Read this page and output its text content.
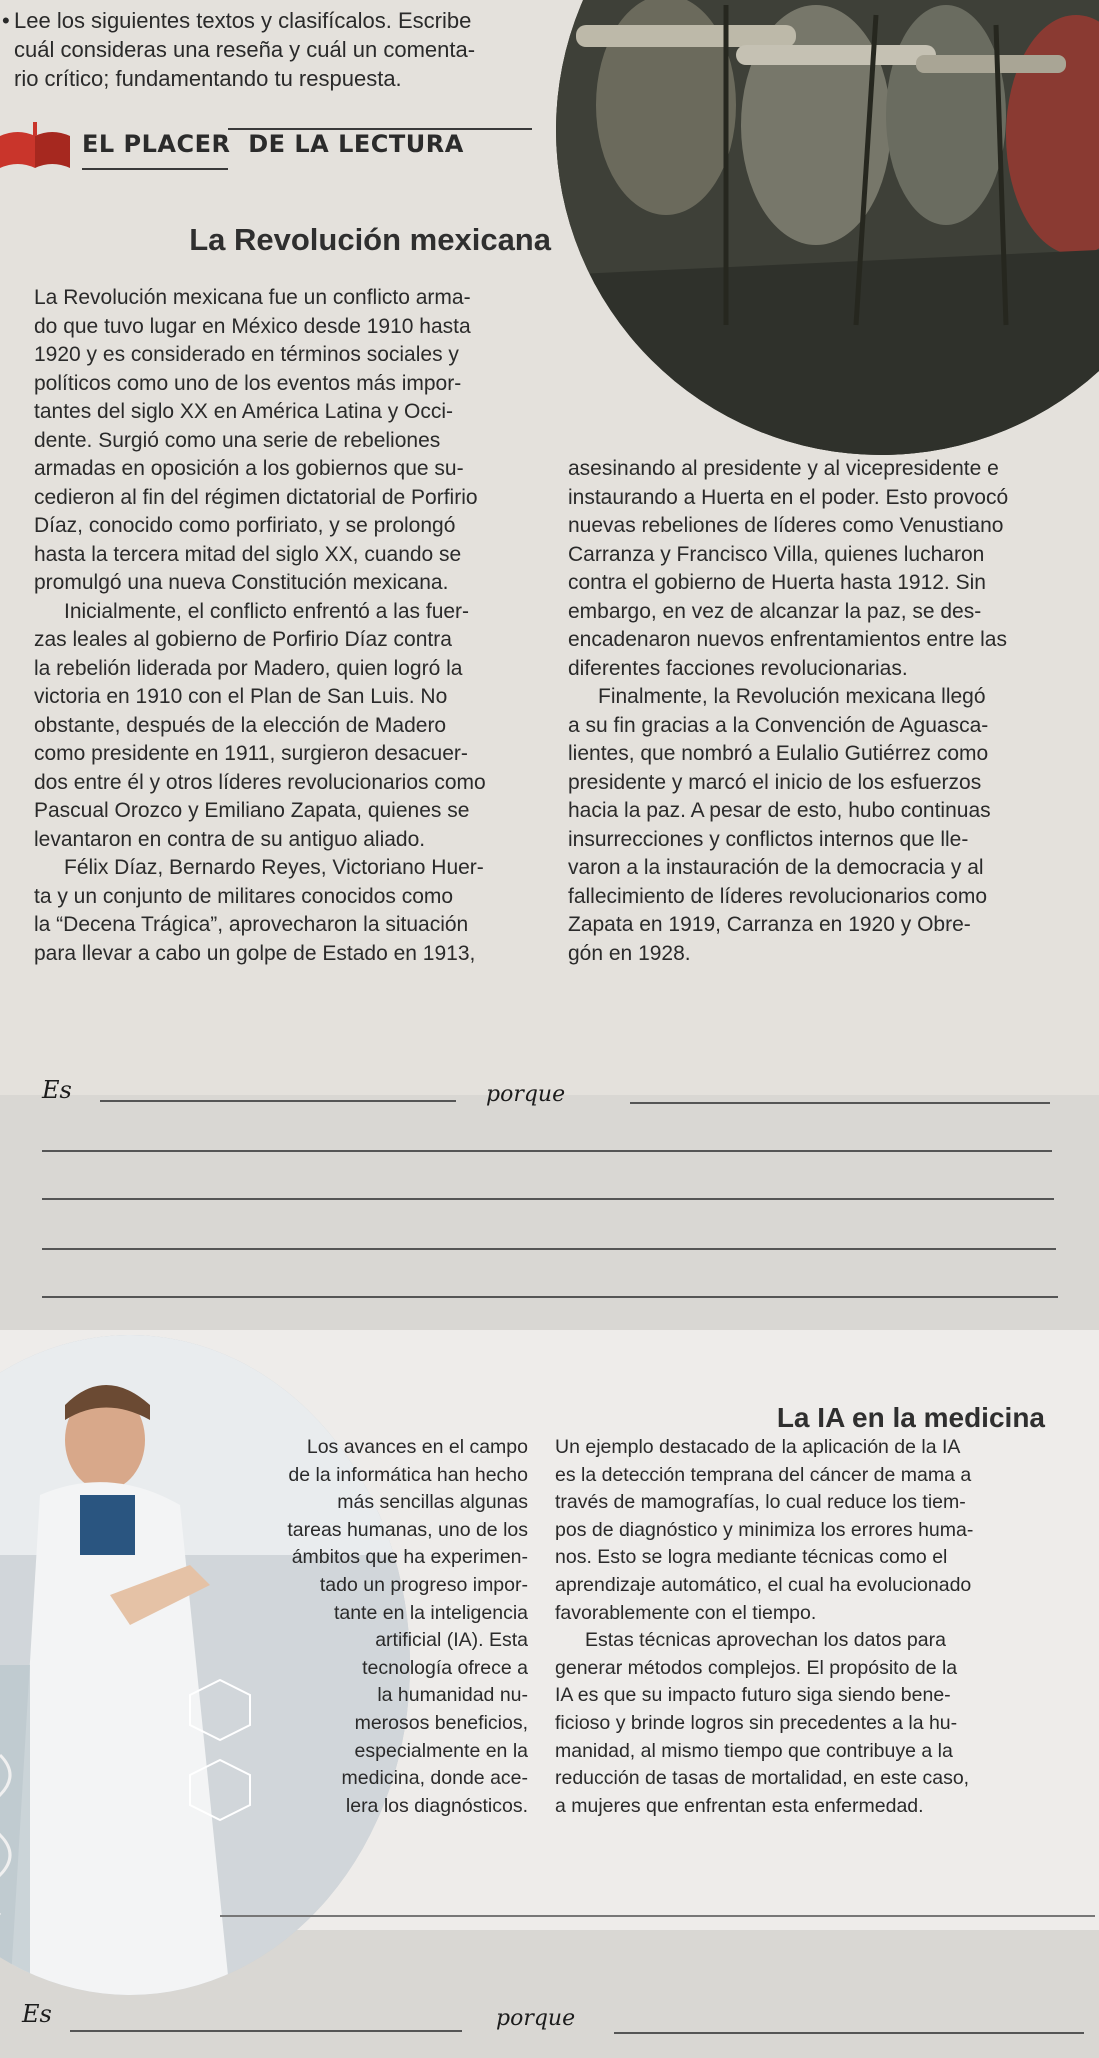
• Lee los siguientes textos y clasifícalos. Escribe
cuál consideras una reseña y cuál un comenta-
rio crítico; fundamentando tu respuesta.
EL PLACER DE LA LECTURA
La Revolución mexicana

La Revolución mexicana fue un conflicto arma-

do que tuvo lugar en México desde 1910 hasta

1920 y es considerado en términos sociales y

políticos como uno de los eventos más impor-

tantes del siglo XX en América Latina y Occi-

dente. Surgió como una serie de rebeliones

armadas en oposición a los gobiernos que su-

cedieron al fin del régimen dictatorial de Porfirio

Díaz, conocido como porfiriato, y se prolongó

hasta la tercera mitad del siglo XX, cuando se

promulgó una nueva Constitución mexicana.

Inicialmente, el conflicto enfrentó a las fuer-

zas leales al gobierno de Porfirio Díaz contra

la rebelión liderada por Madero, quien logró la

victoria en 1910 con el Plan de San Luis. No

obstante, después de la elección de Madero

como presidente en 1911, surgieron desacuer-

dos entre él y otros líderes revolucionarios como

Pascual Orozco y Emiliano Zapata, quienes se

levantaron en contra de su antiguo aliado.

Félix Díaz, Bernardo Reyes, Victoriano Huer-

ta y un conjunto de militares conocidos como

la “Decena Trágica”, aprovecharon la situación

para llevar a cabo un golpe de Estado en 1913,

asesinando al presidente y al vicepresidente e

instaurando a Huerta en el poder. Esto provocó

nuevas rebeliones de líderes como Venustiano

Carranza y Francisco Villa, quienes lucharon

contra el gobierno de Huerta hasta 1912. Sin

embargo, en vez de alcanzar la paz, se des-

encadenaron nuevos enfrentamientos entre las

diferentes facciones revolucionarias.

Finalmente, la Revolución mexicana llegó

a su fin gracias a la Convención de Aguasca-

lientes, que nombró a Eulalio Gutiérrez como

presidente y marcó el inicio de los esfuerzos

hacia la paz. A pesar de esto, hubo continuas

insurrecciones y conflictos internos que lle-

varon a la instauración de la democracia y al

fallecimiento de líderes revolucionarios como

Zapata en 1919, Carranza en 1920 y Obre-

gón en 1928.

Es	porque
La IA en la medicina

Los avances en el campo

de la informática han hecho

más sencillas algunas

tareas humanas, uno de los

ámbitos que ha experimen-

tado un progreso impor-

tante en la inteligencia

artificial (IA). Esta

tecnología ofrece a

la humanidad nu-

merosos beneficios,

especialmente en la

medicina, donde ace-

lera los diagnósticos.

Un ejemplo destacado de la aplicación de la IA

es la detección temprana del cáncer de mama a

través de mamografías, lo cual reduce los tiem-

pos de diagnóstico y minimiza los errores huma-

nos. Esto se logra mediante técnicas como el

aprendizaje automático, el cual ha evolucionado

favorablemente con el tiempo.

Estas técnicas aprovechan los datos para

generar métodos complejos. El propósito de la

IA es que su impacto futuro siga siendo bene-

ficioso y brinde logros sin precedentes a la hu-

manidad, al mismo tiempo que contribuye a la

reducción de tasas de mortalidad, en este caso,

a mujeres que enfrentan esta enfermedad.

Es	porque
